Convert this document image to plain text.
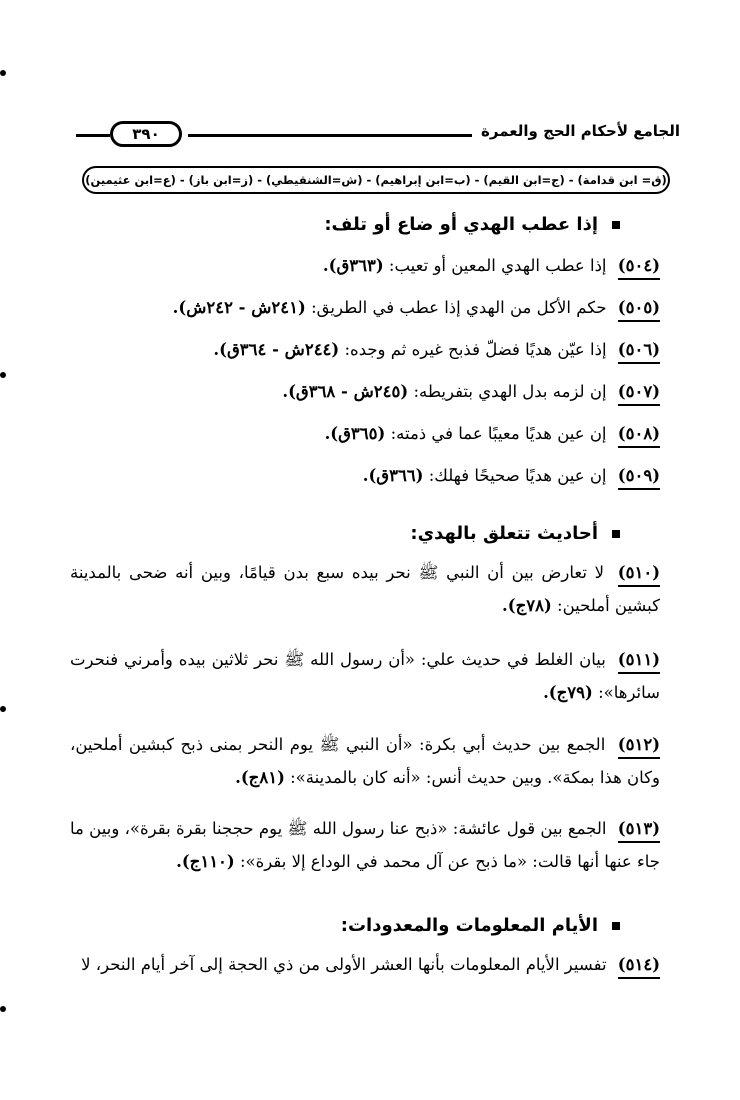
الجامع لأحكام الحج والعمرة
٣٩٠
(ق= ابن قدامة) - (ج=ابن القيم) - (ب=ابن إبراهيم) - (ش=الشنقيطي) - (ز=ابن باز) - (ع=ابن عثيمين)
إذا عطب الهدي أو ضاع أو تلف:
(٥٠٤) إذا عطب الهدي المعين أو تعيب: (٣٦٣ق).
(٥٠٥) حكم الأكل من الهدي إذا عطب في الطريق: (٢٤١ش - ٢٤٢ش).
(٥٠٦) إذا عيّن هديًا فضلّ فذبح غيره ثم وجده: (٢٤٤ش - ٣٦٤ق).
(٥٠٧) إن لزمه بدل الهدي بتفريطه: (٢٤٥ش - ٣٦٨ق).
(٥٠٨) إن عين هديًا معيبًا عما في ذمته: (٣٦٥ق).
(٥٠٩) إن عين هديًا صحيحًا فهلك: (٣٦٦ق).
أحاديث تتعلق بالهدي:
(٥١٠) لا تعارض بين أن النبي ﷺ نحر بيده سبع بدن قيامًا، وبين أنه ضحى بالمدينة كبشين أملحين: (٧٨ج).
(٥١١) بيان الغلط في حديث علي: «أن رسول الله ﷺ نحر ثلاثين بيده وأمرني فنحرت سائرها»: (٧٩ج).
(٥١٢) الجمع بين حديث أبي بكرة: «أن النبي ﷺ يوم النحر بمنى ذبح كبشين أملحين، وكان هذا بمكة». وبين حديث أنس: «أنه كان بالمدينة»: (٨١ج).
(٥١٣) الجمع بين قول عائشة: «ذبح عنا رسول الله ﷺ يوم حججنا بقرة بقرة»، وبين ما جاء عنها أنها قالت: «ما ذبح عن آل محمد في الوداع إلا بقرة»: (١١٠ج).
الأيام المعلومات والمعدودات:
(٥١٤) تفسير الأيام المعلومات بأنها العشر الأولى من ذي الحجة إلى آخر أيام النحر، لا
